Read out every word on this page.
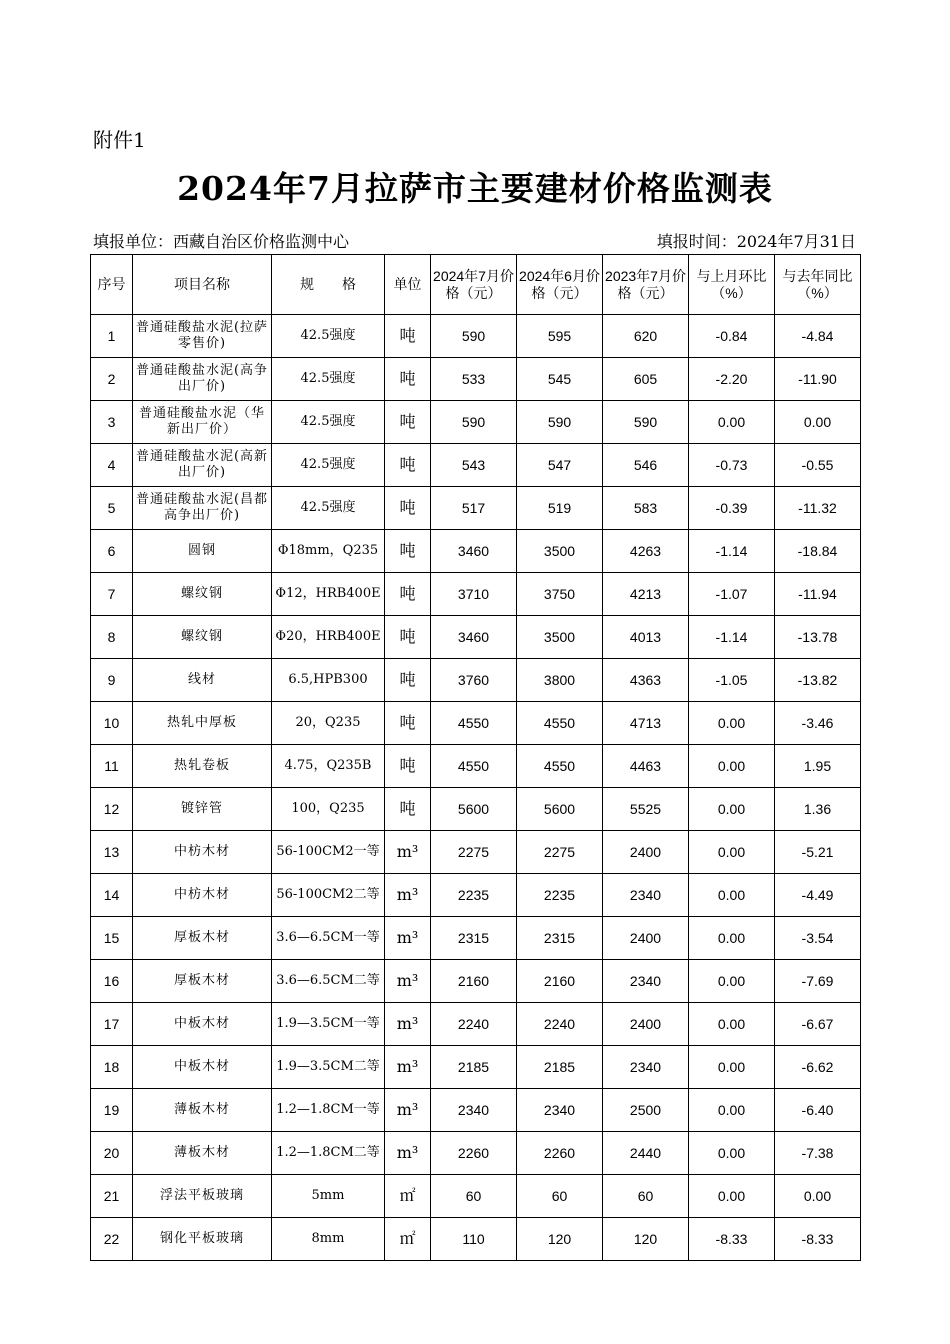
附件1
2024年7月拉萨市主要建材价格监测表
填报单位：西藏自治区价格监测中心	填报时间：2024年7月31日
序号	项目名称	规　　格	单位	2024年7月价格（元）	2024年6月价格（元）	2023年7月价格（元）	与上月环比（%）	与去年同比（%）
1	普通硅酸盐水泥(拉萨零售价)	42.5强度	吨	590	595	620	-0.84	-4.84
2	普通硅酸盐水泥(高争出厂价)	42.5强度	吨	533	545	605	-2.20	-11.90
3	普通硅酸盐水泥（华新出厂价）	42.5强度	吨	590	590	590	0.00	0.00
4	普通硅酸盐水泥(高新出厂价)	42.5强度	吨	543	547	546	-0.73	-0.55
5	普通硅酸盐水泥(昌都高争出厂价)	42.5强度	吨	517	519	583	-0.39	-11.32
6	圆钢	Φ18mm，Q235	吨	3460	3500	4263	-1.14	-18.84
7	螺纹钢	Φ12，HRB400E	吨	3710	3750	4213	-1.07	-11.94
8	螺纹钢	Φ20，HRB400E	吨	3460	3500	4013	-1.14	-13.78
9	线材	6.5,HPB300	吨	3760	3800	4363	-1.05	-13.82
10	热轧中厚板	20，Q235	吨	4550	4550	4713	0.00	-3.46
11	热轧卷板	4.75，Q235B	吨	4550	4550	4463	0.00	1.95
12	镀锌管	100，Q235	吨	5600	5600	5525	0.00	1.36
13	中枋木材	56-100CM2一等	m³	2275	2275	2400	0.00	-5.21
14	中枋木材	56-100CM2二等	m³	2235	2235	2340	0.00	-4.49
15	厚板木材	3.6—6.5CM一等	m³	2315	2315	2400	0.00	-3.54
16	厚板木材	3.6—6.5CM二等	m³	2160	2160	2340	0.00	-7.69
17	中板木材	1.9—3.5CM一等	m³	2240	2240	2400	0.00	-6.67
18	中板木材	1.9—3.5CM二等	m³	2185	2185	2340	0.00	-6.62
19	薄板木材	1.2—1.8CM一等	m³	2340	2340	2500	0.00	-6.40
20	薄板木材	1.2—1.8CM二等	m³	2260	2260	2440	0.00	-7.38
21	浮法平板玻璃	5mm	㎡	60	60	60	0.00	0.00
22	钢化平板玻璃	8mm	㎡	110	120	120	-8.33	-8.33
